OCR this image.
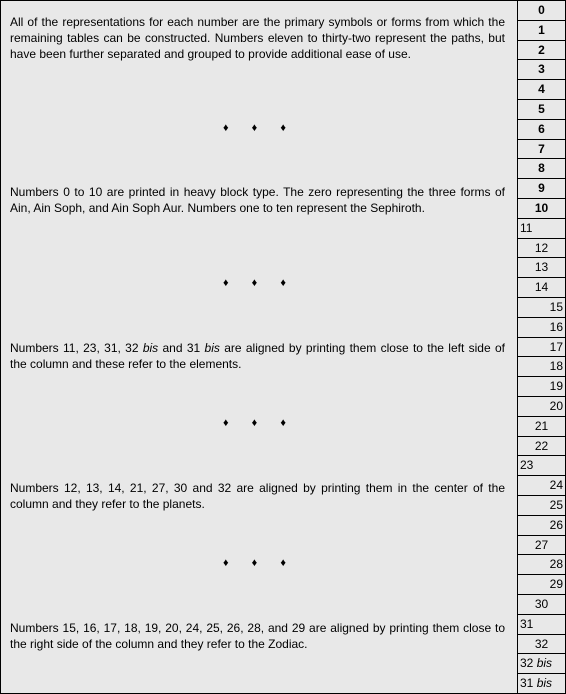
All of the representations for each number are the primary symbols or forms from which the remaining tables can be constructed. Numbers eleven to thirty-two represent the paths, but have been further separated and grouped to provide additional ease of use.

♦ ♦ ♦

Numbers 0 to 10 are printed in heavy block type. The zero representing the three forms of Ain, Ain Soph, and Ain Soph Aur. Numbers one to ten represent the Sephiroth.

♦ ♦ ♦

Numbers 11, 23, 31, 32 bis and 31 bis are aligned by printing them close to the left side of the column and these refer to the elements.

♦ ♦ ♦

Numbers 12, 13, 14, 21, 27, 30 and 32 are aligned by printing them in the center of the column and they refer to the planets.

♦ ♦ ♦

Numbers 15, 16, 17, 18, 19, 20, 24, 25, 26, 28, and 29 are aligned by printing them close to the right side of the column and they refer to the Zodiac.

0
1
2
3
4
5
6
7
8
9
10
11
12
13
14
15
16
17
18
19
20
21
22
23
24
25
26
27
28
29
30
31
32
32 bis
31 bis
